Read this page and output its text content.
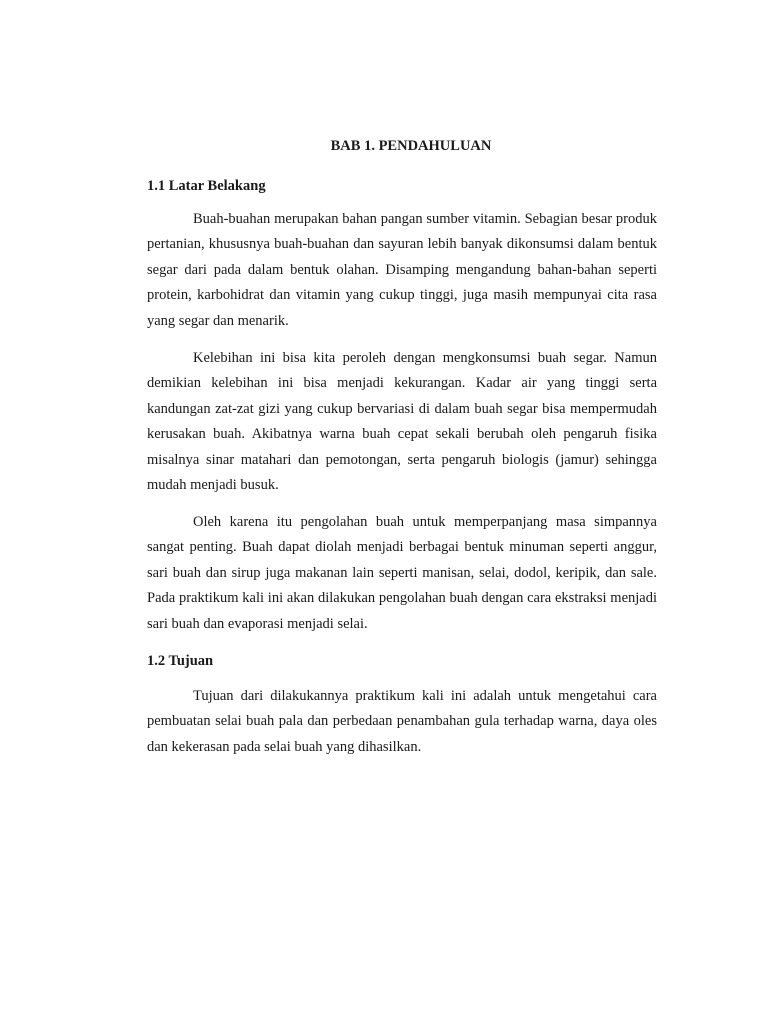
BAB 1. PENDAHULUAN
1.1 Latar Belakang

Buah-buahan merupakan bahan pangan sumber vitamin. Sebagian besar produk pertanian, khususnya buah-buahan dan sayuran lebih banyak dikonsumsi dalam bentuk segar dari pada dalam bentuk olahan. Disamping mengandung bahan-bahan seperti protein, karbohidrat dan vitamin yang cukup tinggi, juga masih mempunyai cita rasa yang segar dan menarik.

Kelebihan ini bisa kita peroleh dengan mengkonsumsi buah segar. Namun demikian kelebihan ini bisa menjadi kekurangan. Kadar air yang tinggi serta kandungan zat-zat gizi yang cukup bervariasi di dalam buah segar bisa mempermudah kerusakan buah. Akibatnya warna buah cepat sekali berubah oleh pengaruh fisika misalnya sinar matahari dan pemotongan, serta pengaruh biologis (jamur) sehingga mudah menjadi busuk.

Oleh karena itu pengolahan buah untuk memperpanjang masa simpannya sangat penting. Buah dapat diolah menjadi berbagai bentuk minuman seperti anggur, sari buah dan sirup juga makanan lain seperti manisan, selai, dodol, keripik, dan sale. Pada praktikum kali ini akan dilakukan pengolahan buah dengan cara ekstraksi menjadi sari buah dan evaporasi menjadi selai.

1.2 Tujuan

Tujuan dari dilakukannya praktikum kali ini adalah untuk mengetahui cara pembuatan selai buah pala dan perbedaan penambahan gula terhadap warna, daya oles dan kekerasan pada selai buah yang dihasilkan.
